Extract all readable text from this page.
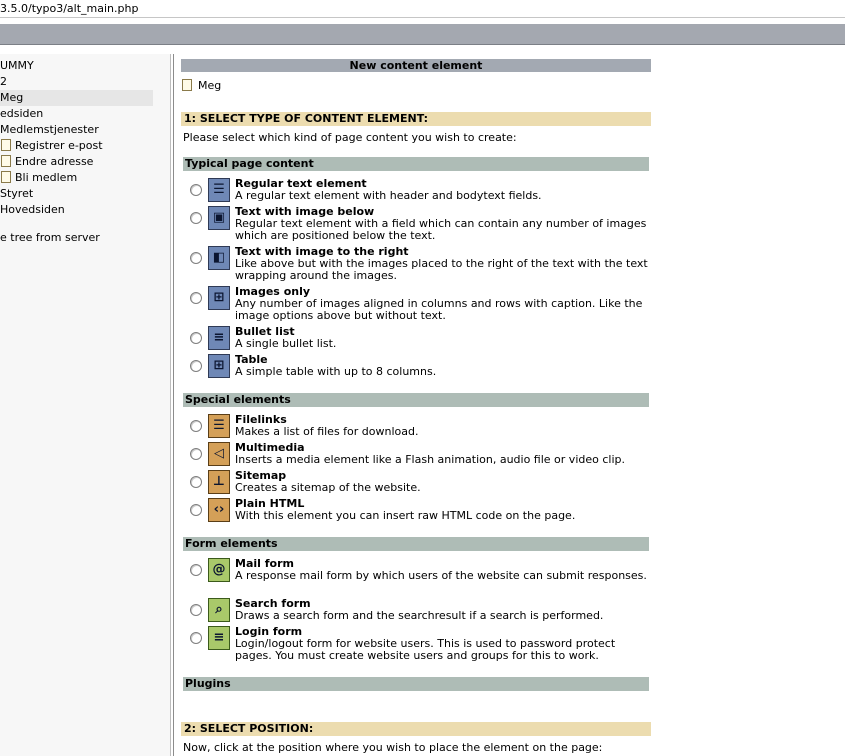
3.5.0/typo3/alt_main.php
UMMY
2
Meg
edsiden
Medlemstjenester
Registrer e-post
Endre adresse
Bli medlem
Styret
Hovedsiden
e tree from server
New content element
Meg
1: SELECT TYPE OF CONTENT ELEMENT:
Please select which kind of page content you wish to create:
Typical page content
☰ Regular text element
A regular text element with header and bodytext fields.
▣ Text with image below
Regular text element with a field which can contain any number of images which are positioned below the text.
◧ Text with image to the right
Like above but with the images placed to the right of the text with the text wrapping around the images.
⊞ Images only
Any number of images aligned in columns and rows with caption. Like the image options above but without text.
≡ Bullet list
A single bullet list.
⊞ Table
A simple table with up to 8 columns.
Special elements
☰ Filelinks
Makes a list of files for download.
◁	Multimedia
Inserts a media element like a Flash animation, audio file or video clip.
⊥ Sitemap
Creates a sitemap of the website.
‹› Plain HTML
With this element you can insert raw HTML code on the page.
Form elements
@ Mail form
A response mail form by which users of the website can submit responses.
⌕	Search form
Draws a search form and the searchresult if a search is performed.
≡ Login form
Login/logout form for website users. This is used to password protect pages. You must create website users and groups for this to work.
Plugins
2: SELECT POSITION:
Now, click at the position where you wish to place the element on the page:
